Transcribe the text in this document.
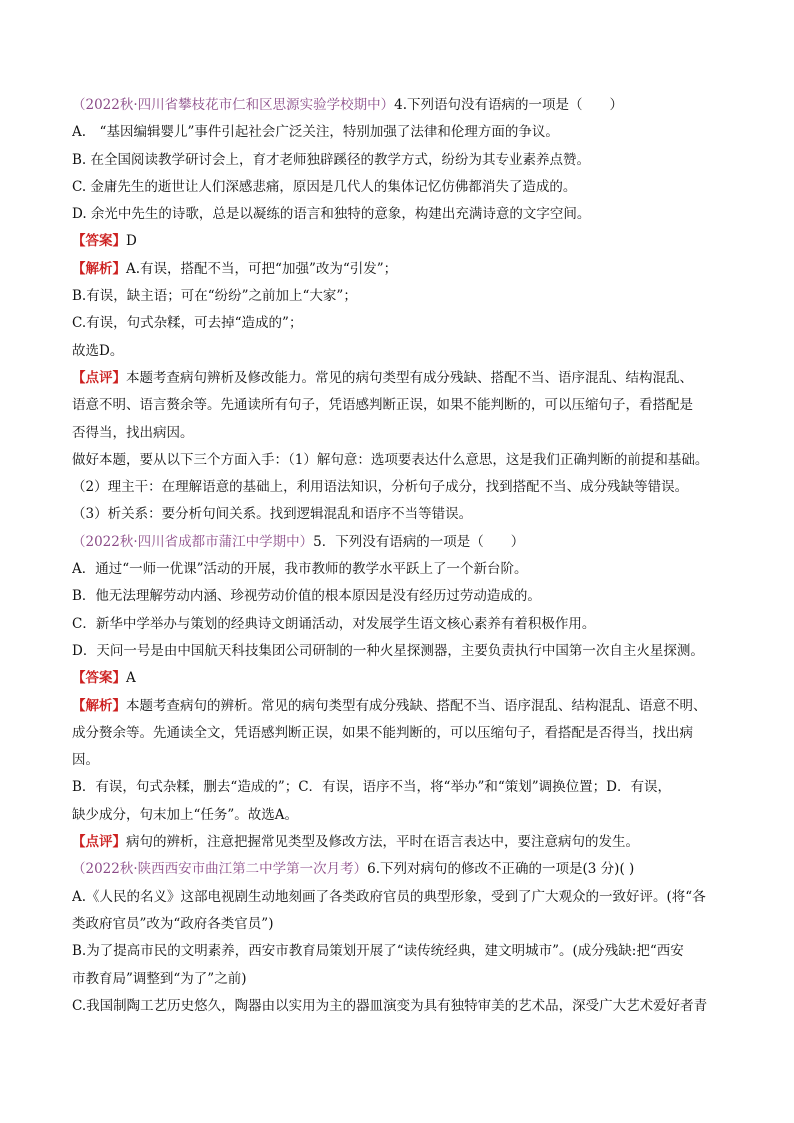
（2022秋·四川省攀枝花市仁和区思源实验学校期中）4.下列语句没有语病的一项是（　　）
A.　“基因编辑婴儿”事件引起社会广泛关注，特别加强了法律和伦理方面的争议。
B. 在全国阅读教学研讨会上，育才老师独辟蹊径的教学方式，纷纷为其专业素养点赞。
C. 金庸先生的逝世让人们深感悲痛，原因是几代人的集体记忆仿佛都消失了造成的。
D. 余光中先生的诗歌，总是以凝练的语言和独特的意象，构建出充满诗意的文字空间。
【答案】D
【解析】A.有误，搭配不当，可把“加强”改为“引发”；
B.有误，缺主语；可在“纷纷”之前加上“大家”；
C.有误，句式杂糅，可去掉“造成的”；
故选D。
【点评】本题考查病句辨析及修改能力。常见的病句类型有成分残缺、搭配不当、语序混乱、结构混乱、
语意不明、语言赘余等。先通读所有句子，凭语感判断正误，如果不能判断的，可以压缩句子，看搭配是
否得当，找出病因。
做好本题，要从以下三个方面入手：（1）解句意：选项要表达什么意思，这是我们正确判断的前提和基础。
（2）理主干：在理解语意的基础上，利用语法知识，分析句子成分，找到搭配不当、成分残缺等错误。
（3）析关系：要分析句间关系。找到逻辑混乱和语序不当等错误。
（2022秋·四川省成都市蒲江中学期中）5．下列没有语病的一项是（　　）
A．通过“一师一优课”活动的开展，我市教师的教学水平跃上了一个新台阶。
B．他无法理解劳动内涵、珍视劳动价值的根本原因是没有经历过劳动造成的。
C．新华中学举办与策划的经典诗文朗诵活动，对发展学生语文核心素养有着积极作用。
D．天问一号是由中国航天科技集团公司研制的一种火星探测器，主要负责执行中国第一次自主火星探测。
【答案】A
【解析】本题考查病句的辨析。常见的病句类型有成分残缺、搭配不当、语序混乱、结构混乱、语意不明、
成分赘余等。先通读全文，凭语感判断正误，如果不能判断的，可以压缩句子，看搭配是否得当，找出病
因。
B．有误，句式杂糅，删去“造成的”；C．有误，语序不当，将“举办”和“策划”调换位置；D．有误，
缺少成分，句末加上“任务”。故选A。
【点评】病句的辨析，注意把握常见类型及修改方法，平时在语言表达中，要注意病句的发生。
（2022秋·陕西西安市曲江第二中学第一次月考）6.下列对病句的修改不正确的一项是(3 分)( )
A.《人民的名义》这部电视剧生动地刻画了各类政府官员的典型形象，受到了广大观众的一致好评。(将“各
类政府官员”改为“政府各类官员”)
B.为了提高市民的文明素养，西安市教育局策划开展了“读传统经典，建文明城市”。(成分残缺:把“西安
市教育局”调整到“为了”之前)
C.我国制陶工艺历史悠久，陶器由以实用为主的器皿演变为具有独特审美的艺术品，深受广大艺术爱好者青
